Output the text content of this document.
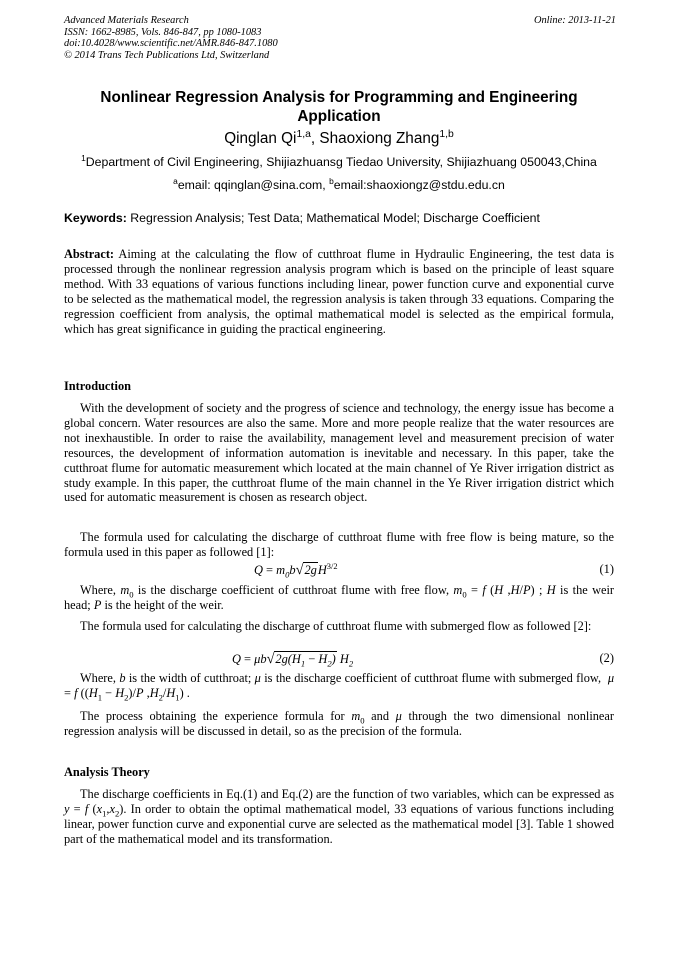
Advanced Materials Research
ISSN: 1662-8985, Vols. 846-847, pp 1080-1083
doi:10.4028/www.scientific.net/AMR.846-847.1080
© 2014 Trans Tech Publications Ltd, Switzerland
Online: 2013-11-21
Nonlinear Regression Analysis for Programming and Engineering Application
Qinglan Qi$^{1,a}$, Shaoxiong Zhang$^{1,b}$
$^1$Department of Civil Engineering, Shijiazhuansg Tiedao University, Shijiazhuang 050043,China
$^a$email: qqinglan@sina.com, $^b$email:shaoxiongz@stdu.edu.cn
Keywords: Regression Analysis; Test Data; Mathematical Model; Discharge Coefficient
Abstract: Aiming at the calculating the flow of cutthroat flume in Hydraulic Engineering, the test data is processed through the nonlinear regression analysis program which is based on the principle of least square method. With 33 equations of various functions including linear, power function curve and exponential curve to be selected as the mathematical model, the regression analysis is taken through 33 equations. Comparing the regression coefficient from analysis, the optimal mathematical model is selected as the empirical formula, which has great significance in guiding the practical engineering.
Introduction
With the development of society and the progress of science and technology, the energy issue has become a global concern. Water resources are also the same. More and more people realize that the water resources are not inexhaustible. In order to raise the availability, management level and measurement precision of water resources, the development of information automation is inevitable and necessary. In this paper, take the cutthroat flume for automatic measurement which located at the main channel of Ye River irrigation district as study example. In this paper, the cutthroat flume of the main channel in the Ye River irrigation district which used for automatic measurement is chosen as research object.
The formula used for calculating the discharge of cutthroat flume with free flow is being mature, so the formula used in this paper as followed [1]:
$Q = m_0b√2gH^{3/2}$	(1)
Where, $m_0$ is the discharge coefficient of cutthroat flume with free flow, $m_0 = f$ (H ,H/P) ; H is the weir head; P is the height of the weir.
The formula used for calculating the discharge of cutthroat flume with submerged flow as followed [2]:
$Q = \mu b√2g(H_1 - H_2)$ $H_2$	(2)
Where, b is the width of cutthroat; μ is the discharge coefficient of cutthroat flume with submerged flow,  μ = f ($(H_1 - H_2)/P$ $,H_2/H_1$) .
The process obtaining the experience formula for $m_0$ and μ through the two dimensional nonlinear regression analysis will be discussed in detail, so as the precision of the formula.
Analysis Theory
The discharge coefficients in Eq.(1) and Eq.(2) are the function of two variables, which can be expressed as y = f $(x_1,x_2)$. In order to obtain the optimal mathematical model, 33 equations of various functions including linear, power function curve and exponential curve are selected as the mathematical model [3]. Table 1 showed part of the mathematical model and its transformation.
